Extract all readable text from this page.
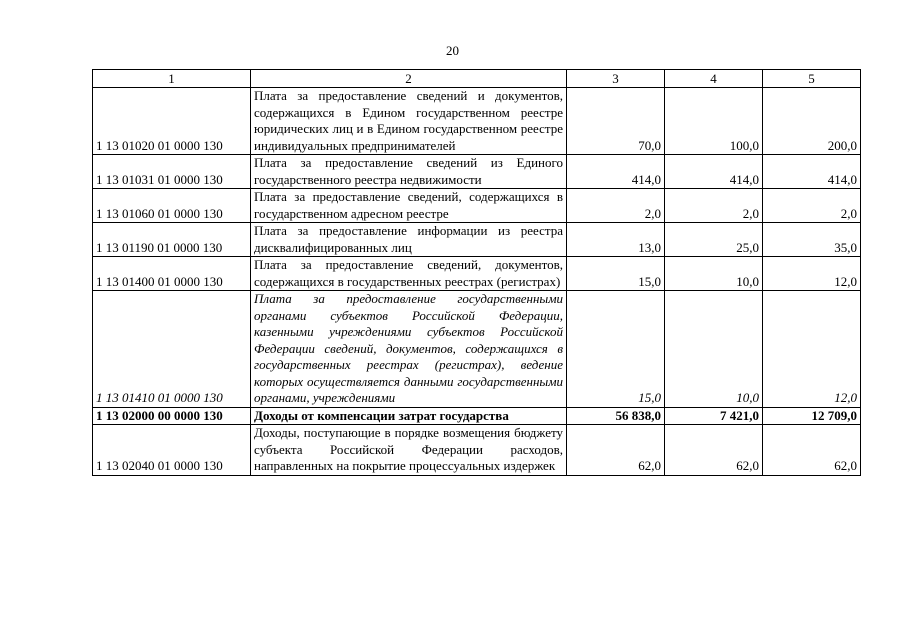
20
1	2	3	4	5
1 13 01020 01 0000 130	Плата за предоставление сведений и документов, содержащихся в Едином государственном реестре юридических лиц и в Едином государственном реестре индивидуальных предпринимателей	70,0	100,0	200,0
1 13 01031 01 0000 130	Плата за предоставление сведений из Единого государственного реестра недвижимости	414,0	414,0	414,0
1 13 01060 01 0000 130	Плата за предоставление сведений, содержащихся в государственном адресном реестре	2,0	2,0	2,0
1 13 01190 01 0000 130	Плата за предоставление информации из реестра дисквалифицированных лиц	13,0	25,0	35,0
1 13 01400 01 0000 130	Плата за предоставление сведений, документов, содержащихся в государственных реестрах (регистрах)	15,0	10,0	12,0
1 13 01410 01 0000 130	Плата за предоставление государственными органами субъектов Российской Федерации, казенными учреждениями субъектов Российской Федерации сведений, документов, содержащихся в государственных реестрах (регистрах), ведение которых осуществляется данными государственными органами, учреждениями	15,0	10,0	12,0
1 13 02000 00 0000 130	Доходы от компенсации затрат государства	56 838,0	7 421,0	12 709,0
1 13 02040 01 0000 130	Доходы, поступающие в порядке возмещения бюджету субъекта Российской Федерации расходов, направленных на покрытие процессуальных издержек	62,0	62,0	62,0
